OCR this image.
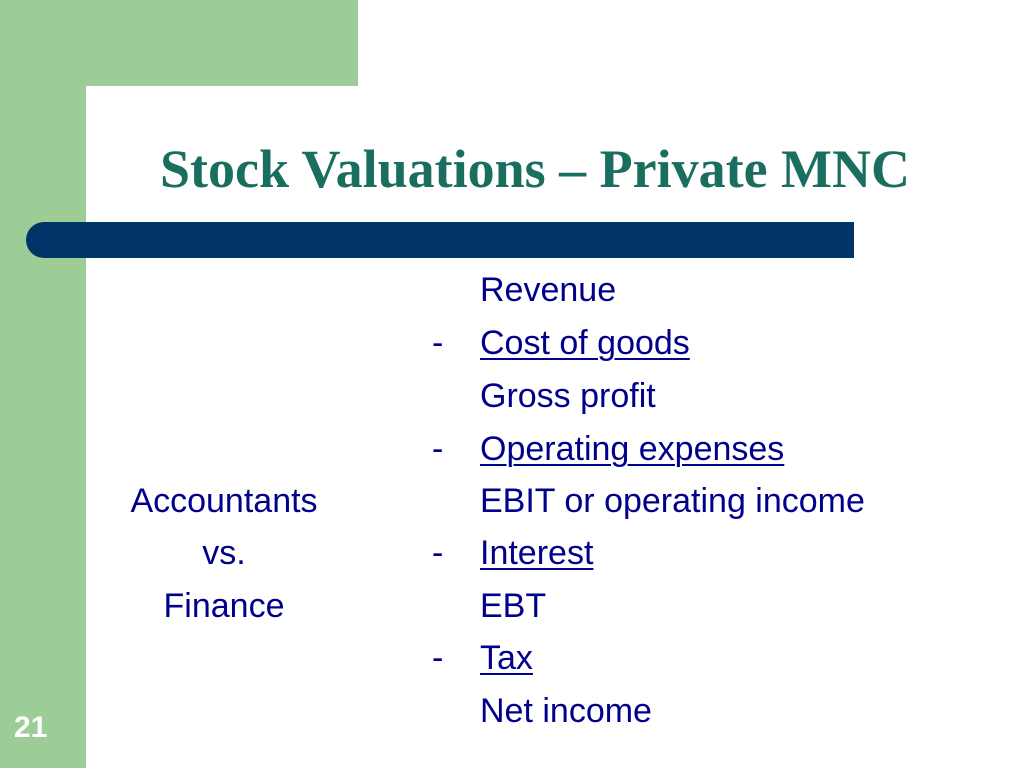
Stock Valuations – Private MNC
Revenue
- Cost of goods
Gross profit
- Operating expenses
EBIT or operating income
- Interest
EBT
- Tax
Net income
Accountants
vs.
Finance
21
